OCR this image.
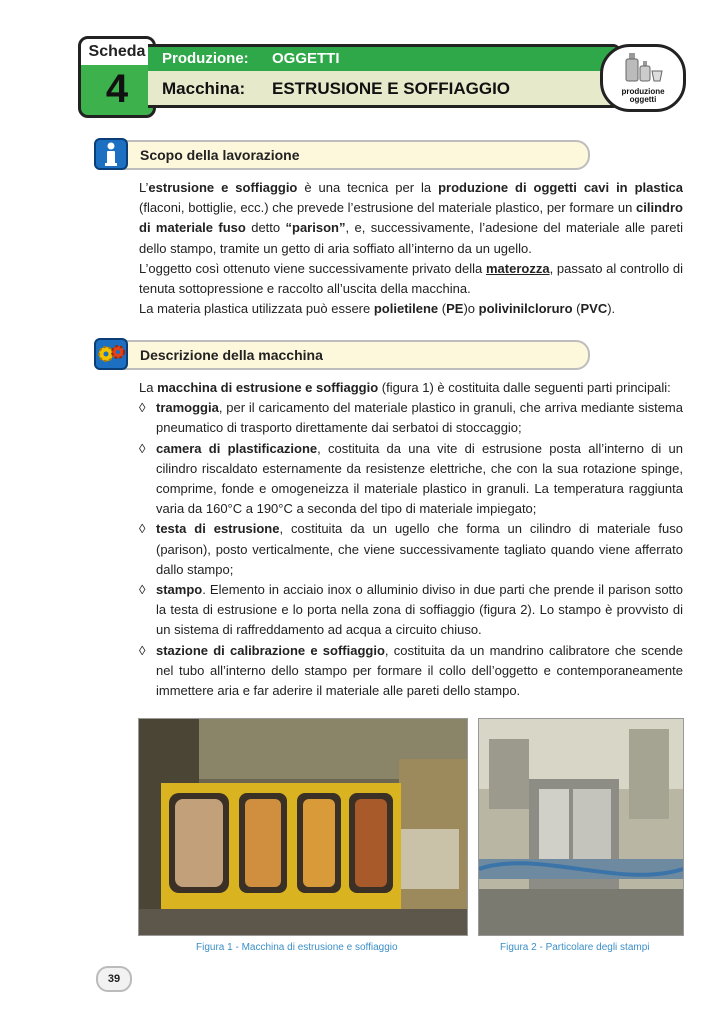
Scheda
4
Produzione: OGGETTI
Macchina: ESTRUSIONE E SOFFIAGGIO	produzione
oggetti
Scopo della lavorazione

L’estrusione e soffiaggio è una tecnica per la produzione di oggetti cavi in plastica (flaconi, bottiglie, ecc.) che prevede l’estrusione del materiale plastico, per formare un cilindro di materiale fuso detto “parison”, e, successivamente, l’adesione del materiale alle pareti dello stampo, tramite un getto di aria soffiato all’interno da un ugello.

L’oggetto così ottenuto viene successivamente privato della materozza, passato al controllo di tenuta sottopressione e raccolto all’uscita della macchina.

La materia plastica utilizzata può essere polietilene (PE)o polivinilcloruro (PVC).

Descrizione della macchina

La macchina di estrusione e soffiaggio (figura 1) è costituita dalle seguenti parti principali:

◊ tramoggia, per il caricamento del materiale plastico in granuli, che arriva mediante sistema pneumatico di trasporto direttamente dai serbatoi di stoccaggio;
◊ camera di plastificazione, costituita da una vite di estrusione posta all’interno di un cilindro riscaldato esternamente da resistenze elettriche, che con la sua rotazione spinge, comprime, fonde e omogeneizza il materiale plastico in granuli. La temperatura raggiunta varia da 160°C a 190°C a seconda del tipo di materiale impiegato;
◊ testa di estrusione, costituita da un ugello che forma un cilindro di materiale fuso (parison), posto verticalmente, che viene successivamente tagliato quando viene afferrato dallo stampo;
◊ stampo. Elemento in acciaio inox o alluminio diviso in due parti che prende il parison sotto la testa di estrusione e lo porta nella zona di soffiaggio (figura 2). Lo stampo è provvisto di un sistema di raffreddamento ad acqua a circuito chiuso.
◊ stazione di calibrazione e soffiaggio, costituita da un mandrino calibratore che scende nel tubo all’interno dello stampo per formare il collo dell’oggetto e contemporaneamente immettere aria e far aderire il materiale alle pareti dello stampo.
Figura 1 - Macchina di estrusione e soffiaggio	Figura 2 - Particolare degli stampi
39
